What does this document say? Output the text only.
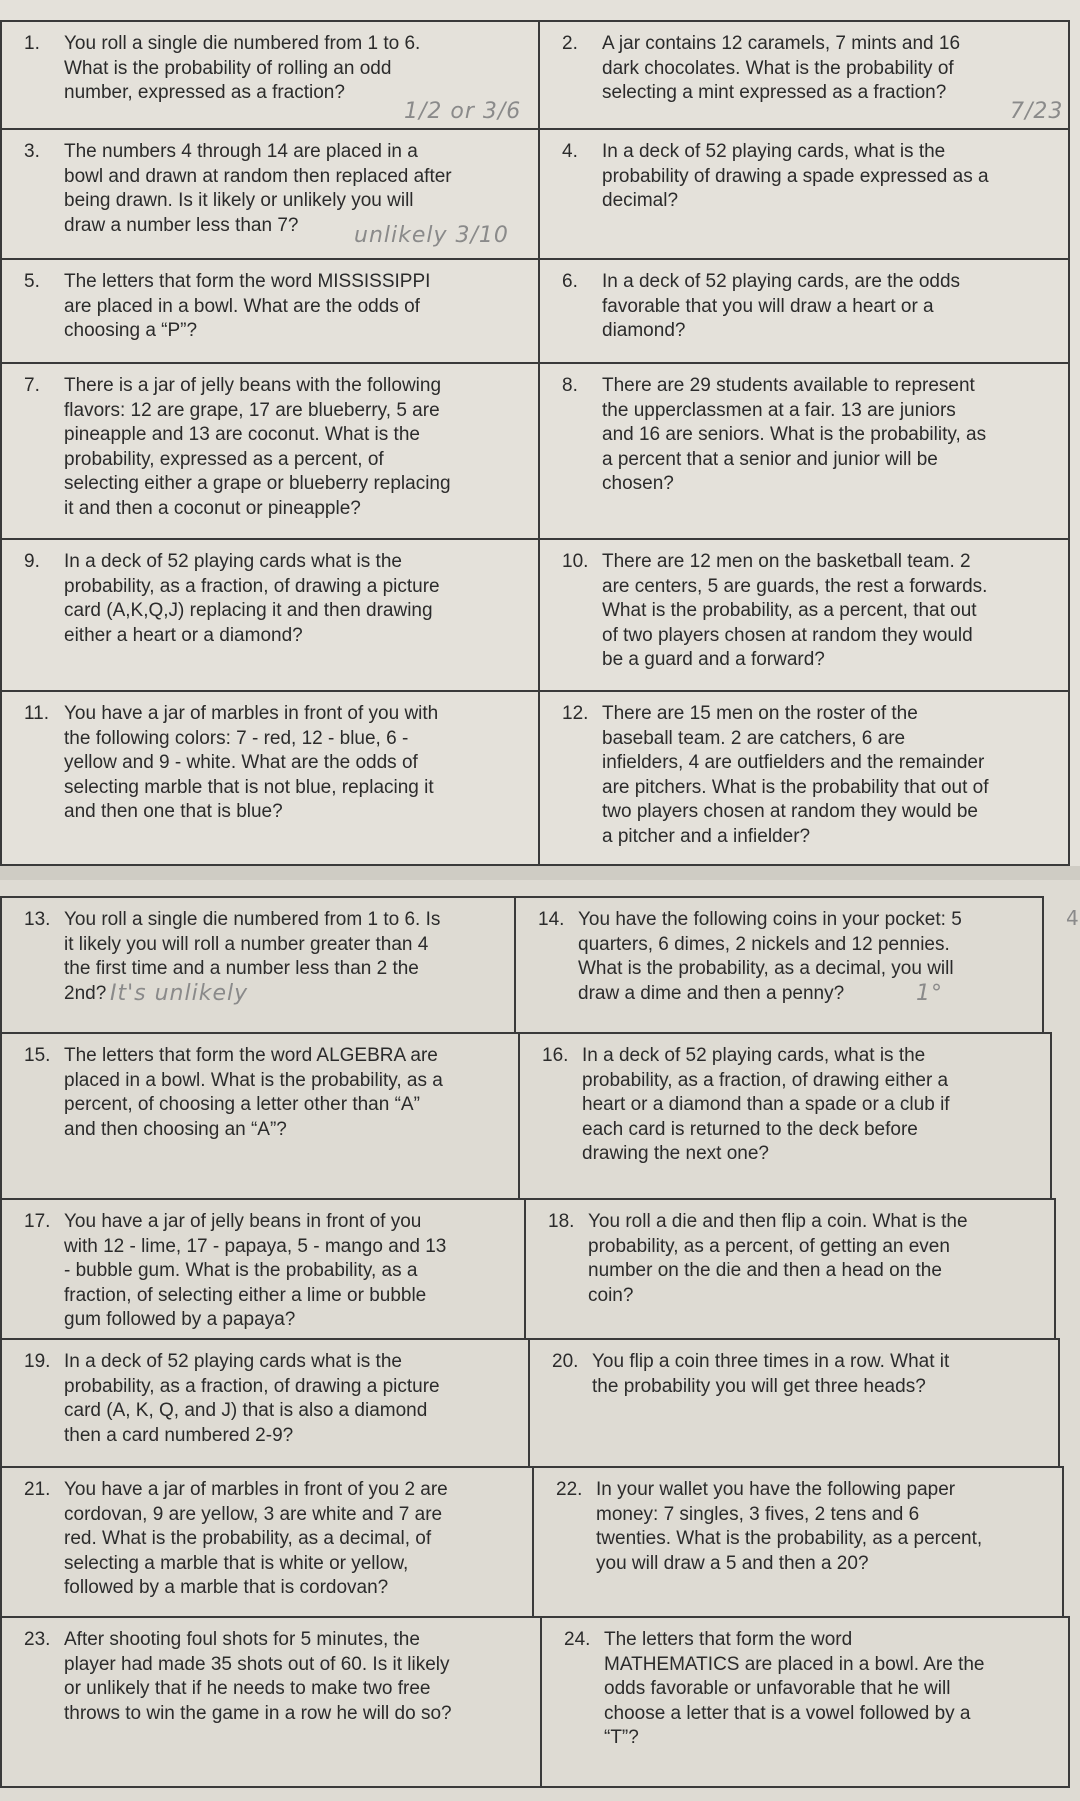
1.	You roll a single die numbered from 1 to 6.
What is the probability of rolling an odd
number, expressed as a fraction?
1/2 or 3/6
2.	A jar contains 12 caramels, 7 mints and 16
dark chocolates. What is the probability of
selecting a mint expressed as a fraction?
7/23
3.	The numbers 4 through 14 are placed in a
bowl and drawn at random then replaced after
being drawn. Is it likely or unlikely you will
draw a number less than 7?	unlikely 3/10
4.	In a deck of 52 playing cards, what is the
probability of drawing a spade expressed as a
decimal?
5.	The letters that form the word MISSISSIPPI
are placed in a bowl. What are the odds of
choosing a “P”?
6.	In a deck of 52 playing cards, are the odds
favorable that you will draw a heart or a
diamond?
7.	There is a jar of jelly beans with the following
flavors: 12 are grape, 17 are blueberry, 5 are
pineapple and 13 are coconut. What is the
probability, expressed as a percent, of
selecting either a grape or blueberry replacing
it and then a coconut or pineapple?
8.	There are 29 students available to represent
the upperclassmen at a fair. 13 are juniors
and 16 are seniors. What is the probability, as
a percent that a senior and junior will be
chosen?
9.	In a deck of 52 playing cards what is the
probability, as a fraction, of drawing a picture
card (A,K,Q,J) replacing it and then drawing
either a heart or a diamond?
10. There are 12 men on the basketball team. 2
are centers, 5 are guards, the rest a forwards.
What is the probability, as a percent, that out
of two players chosen at random they would
be a guard and a forward?
11. You have a jar of marbles in front of you with
the following colors: 7 - red, 12 - blue, 6 -
yellow and 9 - white. What are the odds of
selecting marble that is not blue, replacing it
and then one that is blue?
12. There are 15 men on the roster of the
baseball team. 2 are catchers, 6 are
infielders, 4 are outfielders and the remainder
are pitchers. What is the probability that out of
two players chosen at random they would be
a pitcher and a infielder?
13. You roll a single die numbered from 1 to 6. Is
it likely you will roll a number greater than 4
the first time and a number less than 2 the
2nd? It's unlikely
14. You have the following coins in your pocket: 5
quarters, 6 dimes, 2 nickels and 12 pennies.
What is the probability, as a decimal, you will
draw a dime and then a penny?	1°
15. The letters that form the word ALGEBRA are
placed in a bowl. What is the probability, as a
percent, of choosing a letter other than “A”
and then choosing an “A”?
16. In a deck of 52 playing cards, what is the
probability, as a fraction, of drawing either a
heart or a diamond than a spade or a club if
each card is returned to the deck before
drawing the next one?
17. You have a jar of jelly beans in front of you
with 12 - lime, 17 - papaya, 5 - mango and 13
- bubble gum. What is the probability, as a
fraction, of selecting either a lime or bubble
gum followed by a papaya?
18. You roll a die and then flip a coin. What is the
probability, as a percent, of getting an even
number on the die and then a head on the
coin?
19. In a deck of 52 playing cards what is the
probability, as a fraction, of drawing a picture
card (A, K, Q, and J) that is also a diamond
then a card numbered 2-9?
20. You flip a coin three times in a row. What it
the probability you will get three heads?
21. You have a jar of marbles in front of you 2 are
cordovan, 9 are yellow, 3 are white and 7 are
red. What is the probability, as a decimal, of
selecting a marble that is white or yellow,
followed by a marble that is cordovan?
22. In your wallet you have the following paper
money: 7 singles, 3 fives, 2 tens and 6
twenties. What is the probability, as a percent,
you will draw a 5 and then a 20?
23. After shooting foul shots for 5 minutes, the
player had made 35 shots out of 60. Is it likely
or unlikely that if he needs to make two free
throws to win the game in a row he will do so?
24. The letters that form the word
MATHEMATICS are placed in a bowl. Are the
odds favorable or unfavorable that he will
choose a letter that is a vowel followed by a
“T”?
4
